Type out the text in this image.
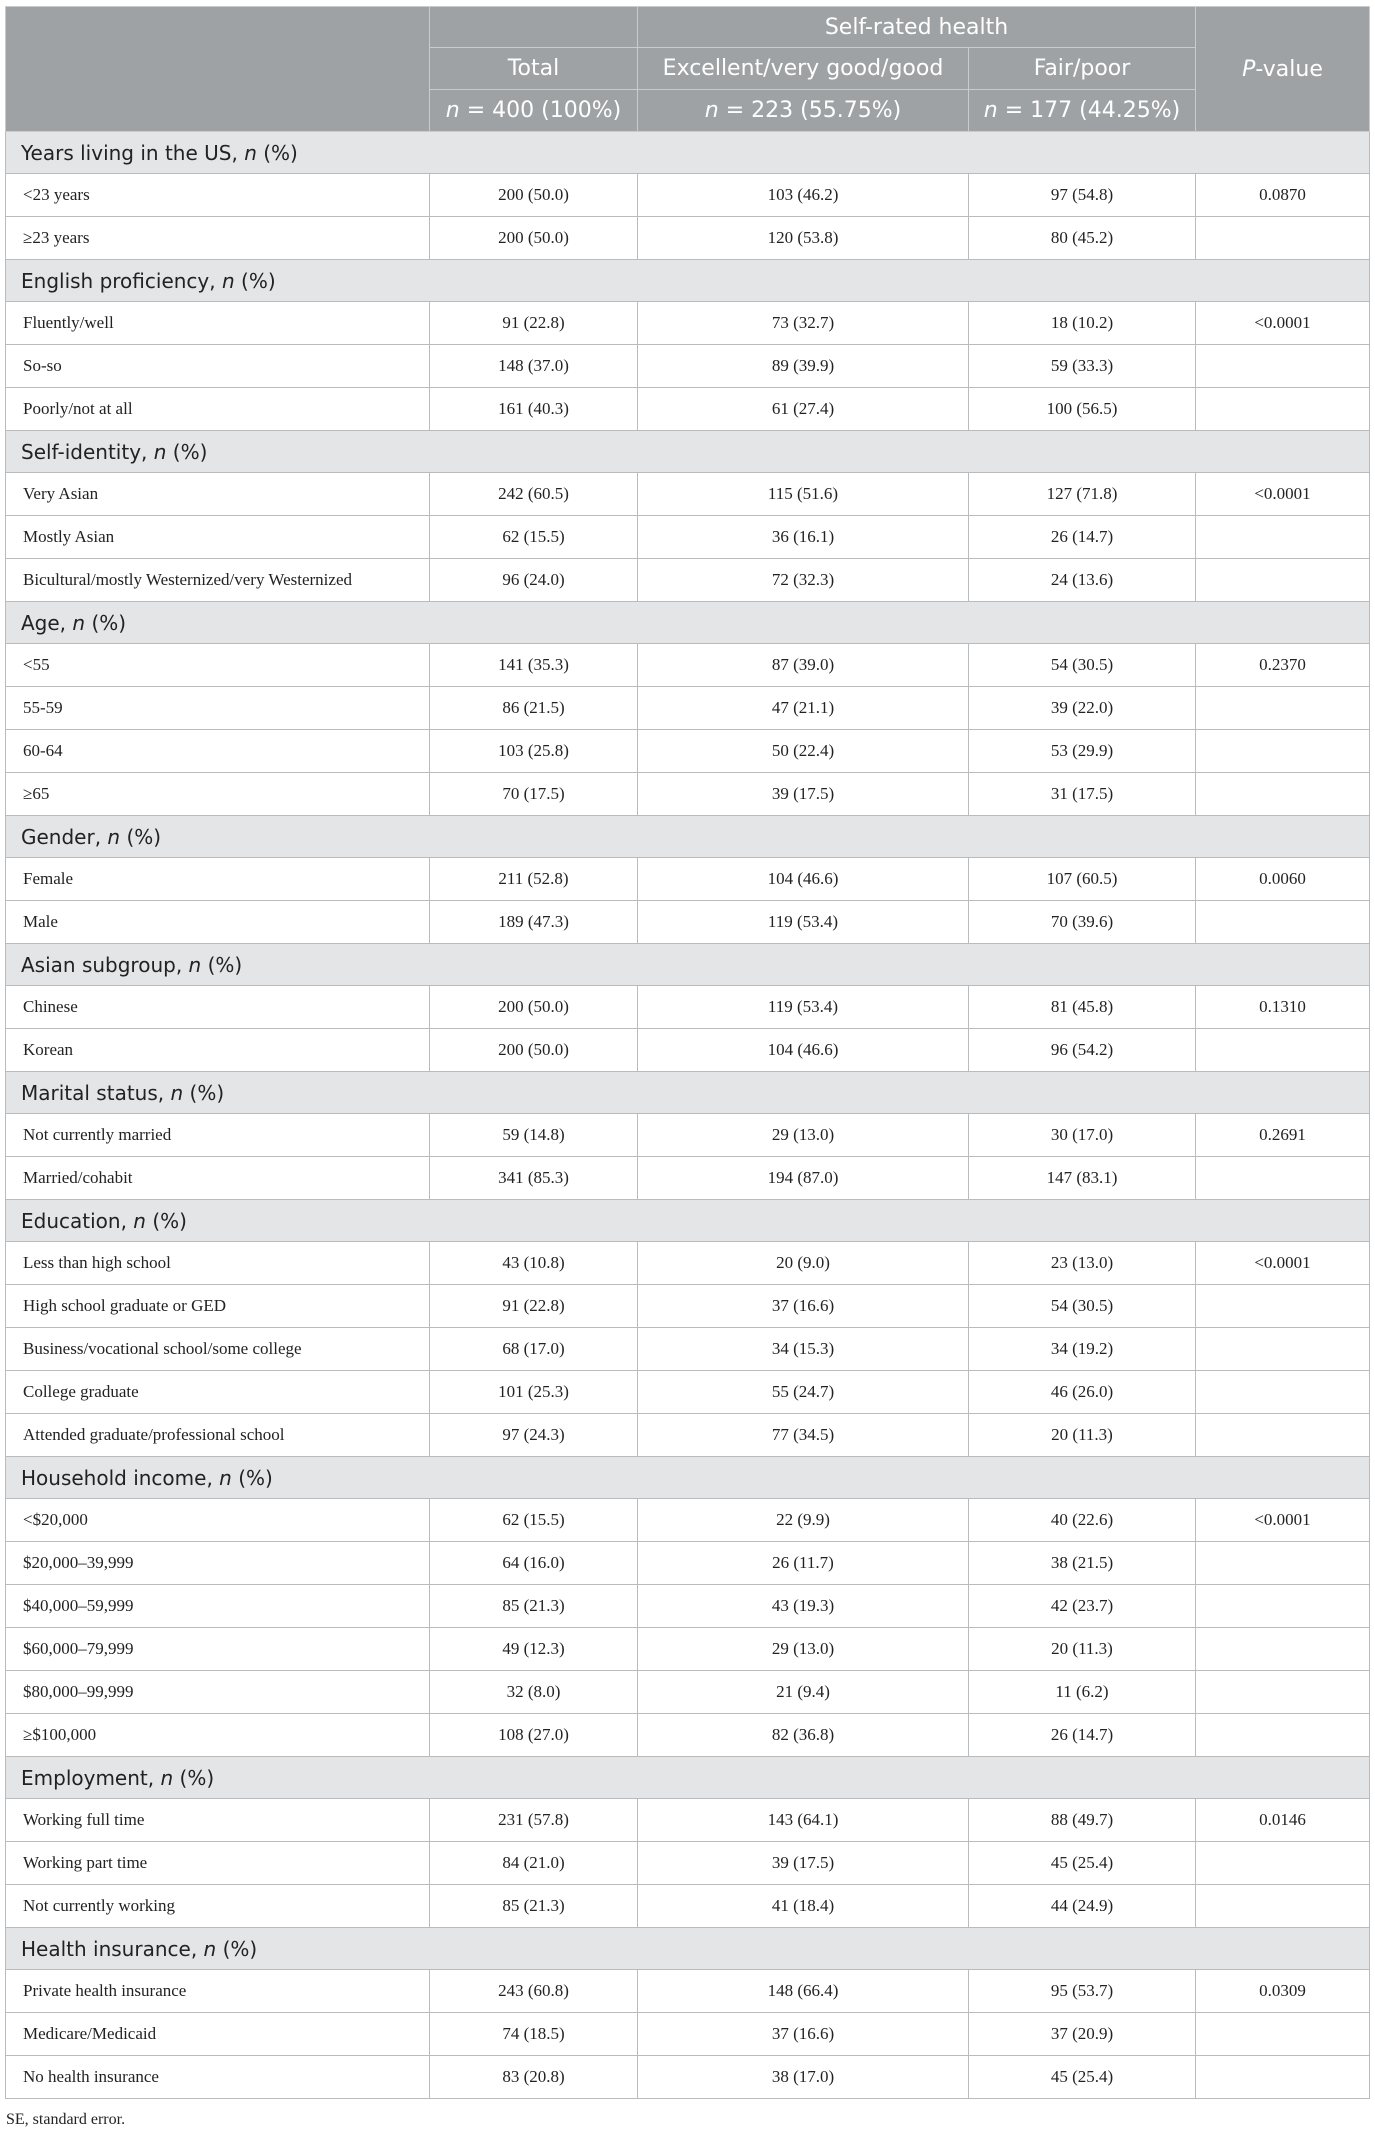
		Self-rated health		P-value
	Total	Excellent/very good/good	Fair/poor	
	n = 400 (100%)	n = 223 (55.75%)	n = 177 (44.25%)	
Years living in the US, n (%)				
<23 years	200 (50.0)	103 (46.2)	97 (54.8)	0.0870
≥23 years	200 (50.0)	120 (53.8)	80 (45.2)	
English proficiency, n (%)				
Fluently/well	91 (22.8)	73 (32.7)	18 (10.2)	<0.0001
So-so	148 (37.0)	89 (39.9)	59 (33.3)	
Poorly/not at all	161 (40.3)	61 (27.4)	100 (56.5)	
Self-identity, n (%)				
Very Asian	242 (60.5)	115 (51.6)	127 (71.8)	<0.0001
Mostly Asian	62 (15.5)	36 (16.1)	26 (14.7)	
Bicultural/mostly Westernized/very Westernized	96 (24.0)	72 (32.3)	24 (13.6)	
Age, n (%)				
<55	141 (35.3)	87 (39.0)	54 (30.5)	0.2370
55-59	86 (21.5)	47 (21.1)	39 (22.0)	
60-64	103 (25.8)	50 (22.4)	53 (29.9)	
≥65	70 (17.5)	39 (17.5)	31 (17.5)	
Gender, n (%)				
Female	211 (52.8)	104 (46.6)	107 (60.5)	0.0060
Male	189 (47.3)	119 (53.4)	70 (39.6)	
Asian subgroup, n (%)				
Chinese	200 (50.0)	119 (53.4)	81 (45.8)	0.1310
Korean	200 (50.0)	104 (46.6)	96 (54.2)	
Marital status, n (%)				
Not currently married	59 (14.8)	29 (13.0)	30 (17.0)	0.2691
Married/cohabit	341 (85.3)	194 (87.0)	147 (83.1)	
Education, n (%)				
Less than high school	43 (10.8)	20 (9.0)	23 (13.0)	<0.0001
High school graduate or GED	91 (22.8)	37 (16.6)	54 (30.5)	
Business/vocational school/some college	68 (17.0)	34 (15.3)	34 (19.2)	
College graduate	101 (25.3)	55 (24.7)	46 (26.0)	
Attended graduate/professional school	97 (24.3)	77 (34.5)	20 (11.3)	
Household income, n (%)				
<$20,000	62 (15.5)	22 (9.9)	40 (22.6)	<0.0001
$20,000–39,999	64 (16.0)	26 (11.7)	38 (21.5)	
$40,000–59,999	85 (21.3)	43 (19.3)	42 (23.7)	
$60,000–79,999	49 (12.3)	29 (13.0)	20 (11.3)	
$80,000–99,999	32 (8.0)	21 (9.4)	11 (6.2)	
≥$100,000	108 (27.0)	82 (36.8)	26 (14.7)	
Employment, n (%)				
Working full time	231 (57.8)	143 (64.1)	88 (49.7)	0.0146
Working part time	84 (21.0)	39 (17.5)	45 (25.4)	
Not currently working	85 (21.3)	41 (18.4)	44 (24.9)	
Health insurance, n (%)				
Private health insurance	243 (60.8)	148 (66.4)	95 (53.7)	0.0309
Medicare/Medicaid	74 (18.5)	37 (16.6)	37 (20.9)	
No health insurance	83 (20.8)	38 (17.0)	45 (25.4)	
SE, standard error.
